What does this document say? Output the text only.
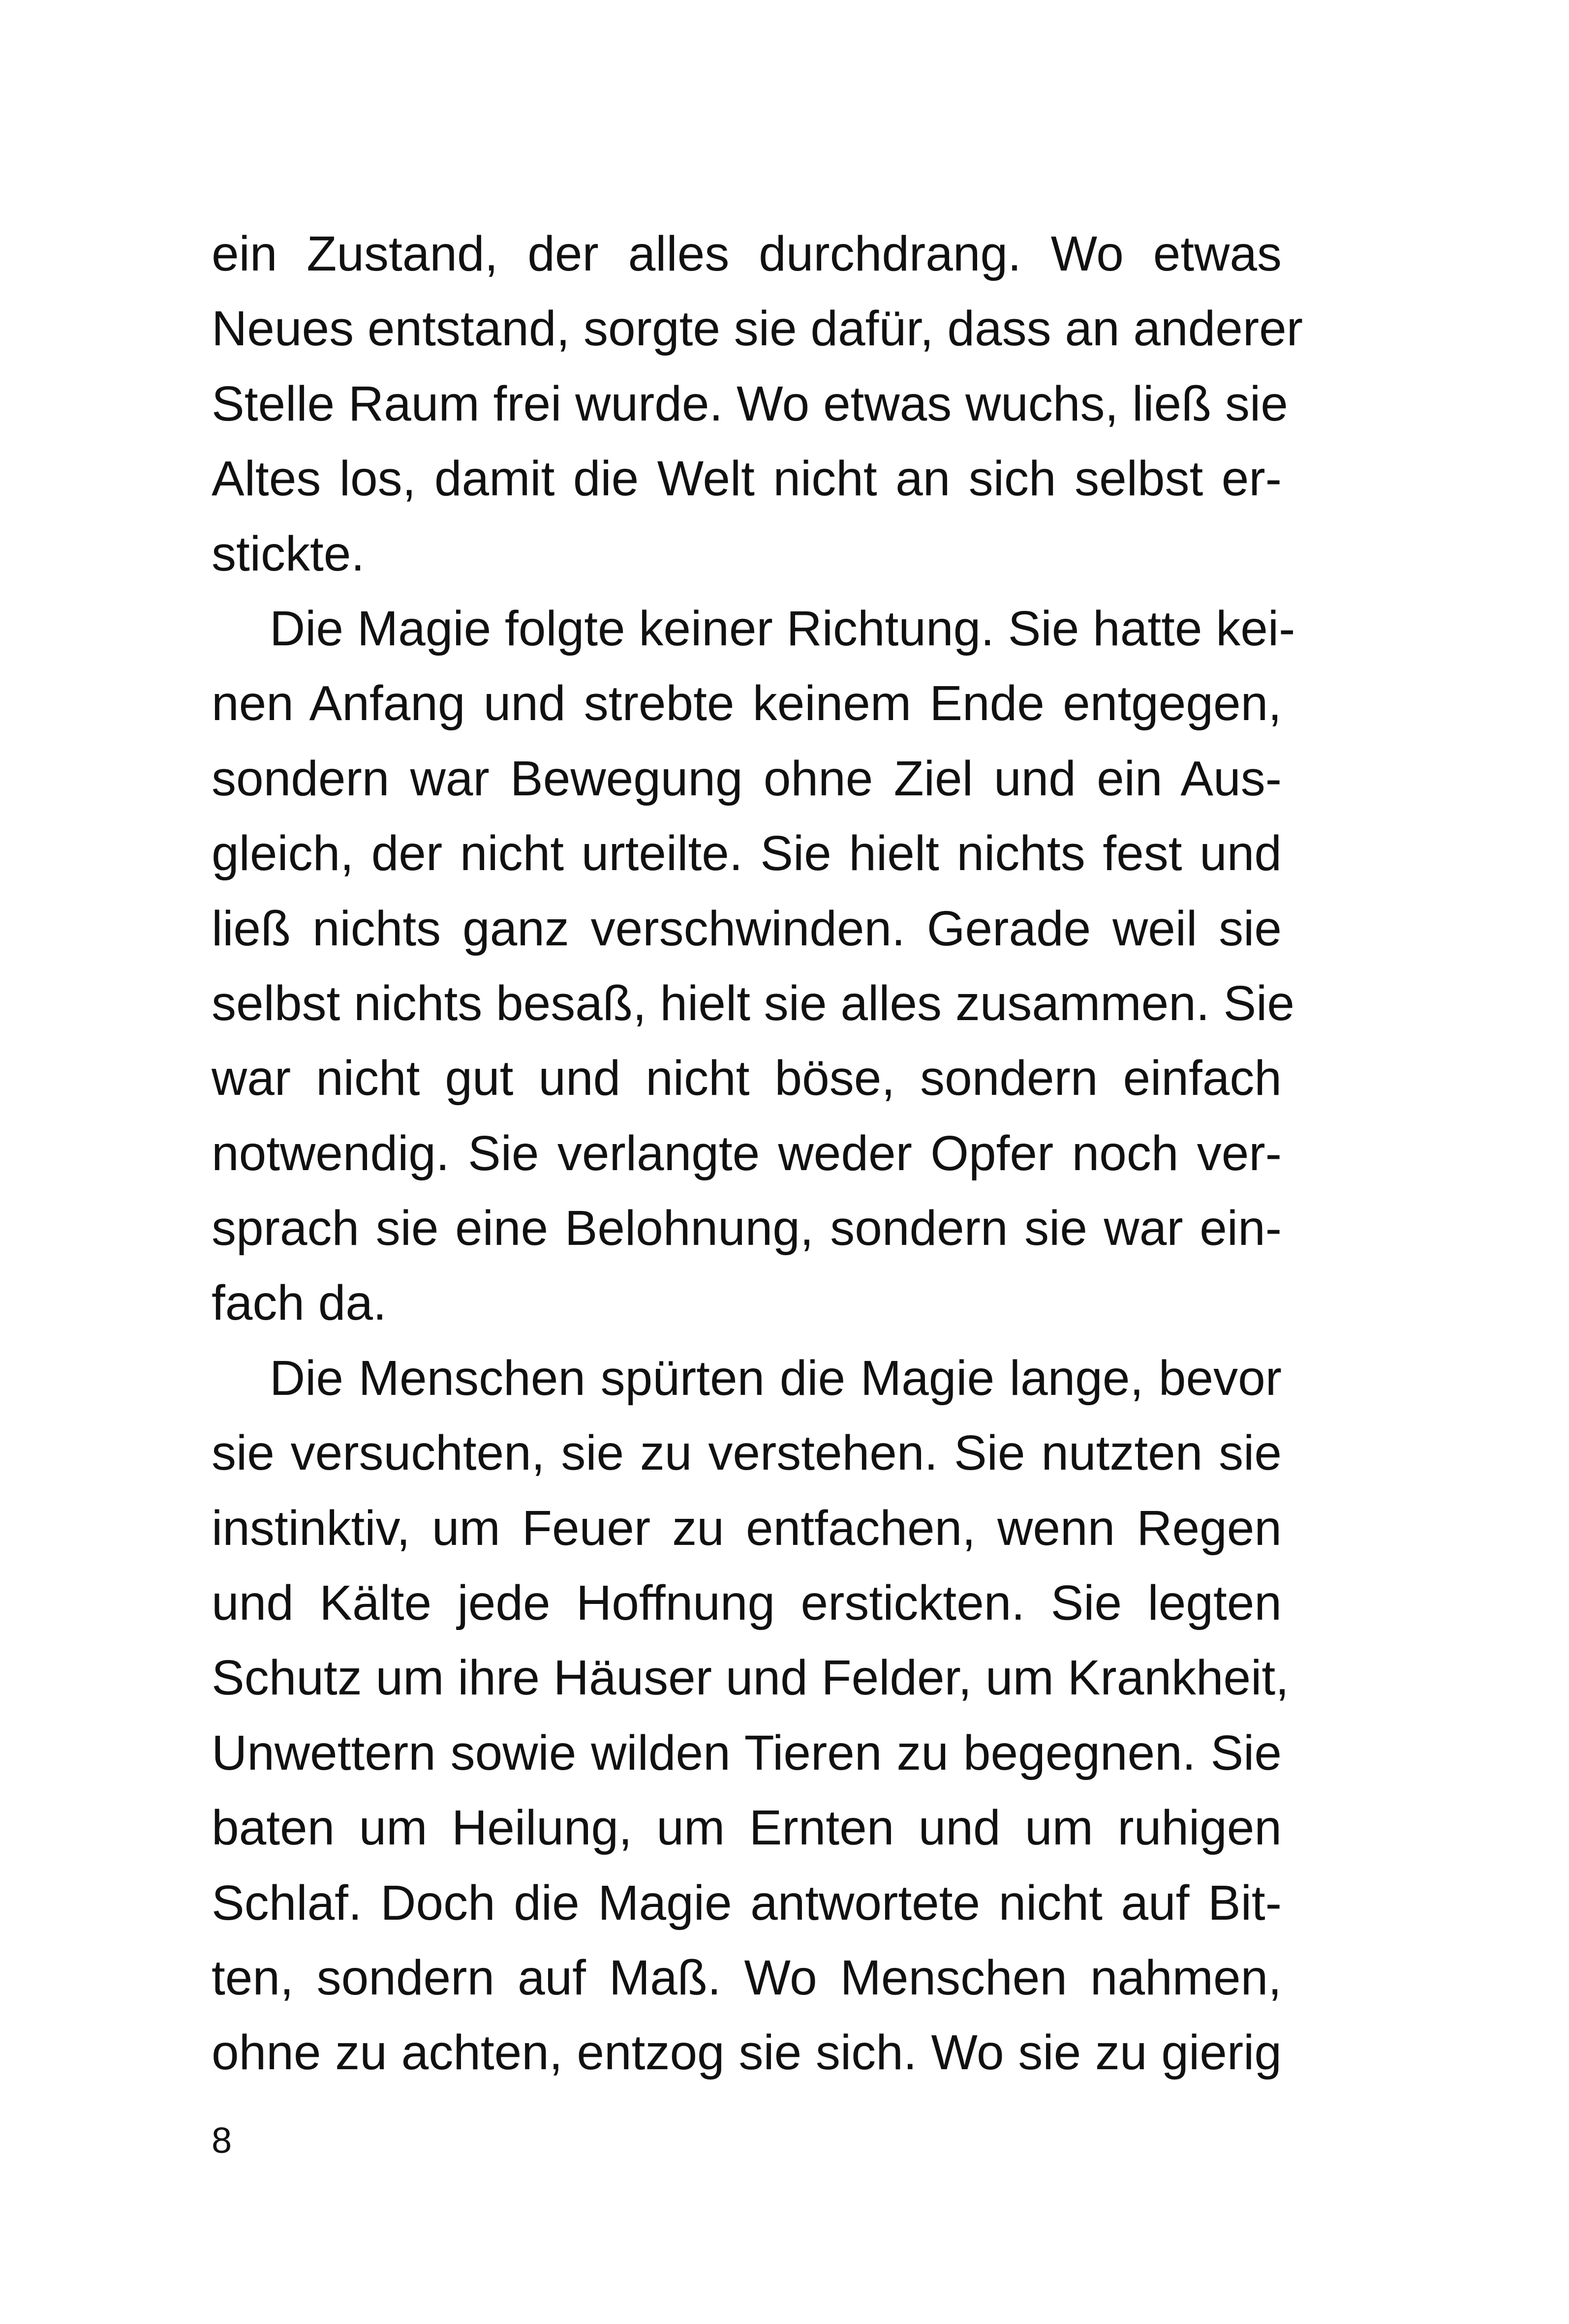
ein Zustand, der alles durchdrang. Wo etwas
Neues entstand, sorgte sie dafür, dass an anderer
Stelle Raum frei wurde. Wo etwas wuchs, ließ sie
Altes los, damit die Welt nicht an sich selbst er-
stickte.
Die Magie folgte keiner Richtung. Sie hatte kei-
nen Anfang und strebte keinem Ende entgegen,
sondern war Bewegung ohne Ziel und ein Aus-
gleich, der nicht urteilte. Sie hielt nichts fest und
ließ nichts ganz verschwinden. Gerade weil sie
selbst nichts besaß, hielt sie alles zusammen. Sie
war nicht gut und nicht böse, sondern einfach
notwendig. Sie verlangte weder Opfer noch ver-
sprach sie eine Belohnung, sondern sie war ein-
fach da.
Die Menschen spürten die Magie lange, bevor
sie versuchten, sie zu verstehen. Sie nutzten sie
instinktiv, um Feuer zu entfachen, wenn Regen
und Kälte jede Hoffnung erstickten. Sie legten
Schutz um ihre Häuser und Felder, um Krankheit,
Unwettern sowie wilden Tieren zu begegnen. Sie
baten um Heilung, um Ernten und um ruhigen
Schlaf. Doch die Magie antwortete nicht auf Bit-
ten, sondern auf Maß. Wo Menschen nahmen,
ohne zu achten, entzog sie sich. Wo sie zu gierig
8
